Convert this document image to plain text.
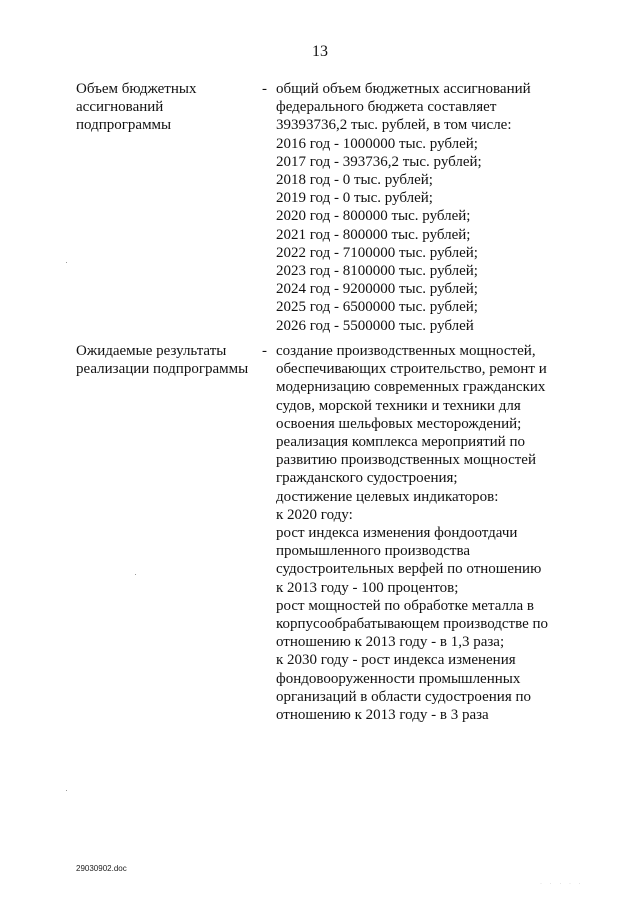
13
Объем бюджетных
ассигнований
подпрограммы
- общий объем бюджетных ассигнований
федерального бюджета составляет
39393736,2 тыс. рублей, в том числе:
2016 год - 1000000 тыс. рублей;
2017 год - 393736,2 тыс. рублей;
2018 год - 0 тыс. рублей;
2019 год - 0 тыс. рублей;
2020 год - 800000 тыс. рублей;
2021 год - 800000 тыс. рублей;
2022 год - 7100000 тыс. рублей;
2023 год - 8100000 тыс. рублей;
2024 год - 9200000 тыс. рублей;
2025 год - 6500000 тыс. рублей;
2026 год - 5500000 тыс. рублей
Ожидаемые результаты
реализации подпрограммы
- создание производственных мощностей,
обеспечивающих строительство, ремонт и
модернизацию современных гражданских
судов, морской техники и техники для
освоения шельфовых месторождений;
реализация комплекса мероприятий по
развитию производственных мощностей
гражданского судостроения;
достижение целевых индикаторов:
к 2020 году:
рост индекса изменения фондоотдачи
промышленного производства
судостроительных верфей по отношению
к 2013 году - 100 процентов;
рост мощностей по обработке металла в
корпусообрабатывающем производстве по
отношению к 2013 году - в 1,3 раза;
к 2030 году - рост индекса изменения
фондовооруженности промышленных
организаций в области судостроения по
отношению к 2013 году - в 3 раза
29030902.doc
· · · · ·
